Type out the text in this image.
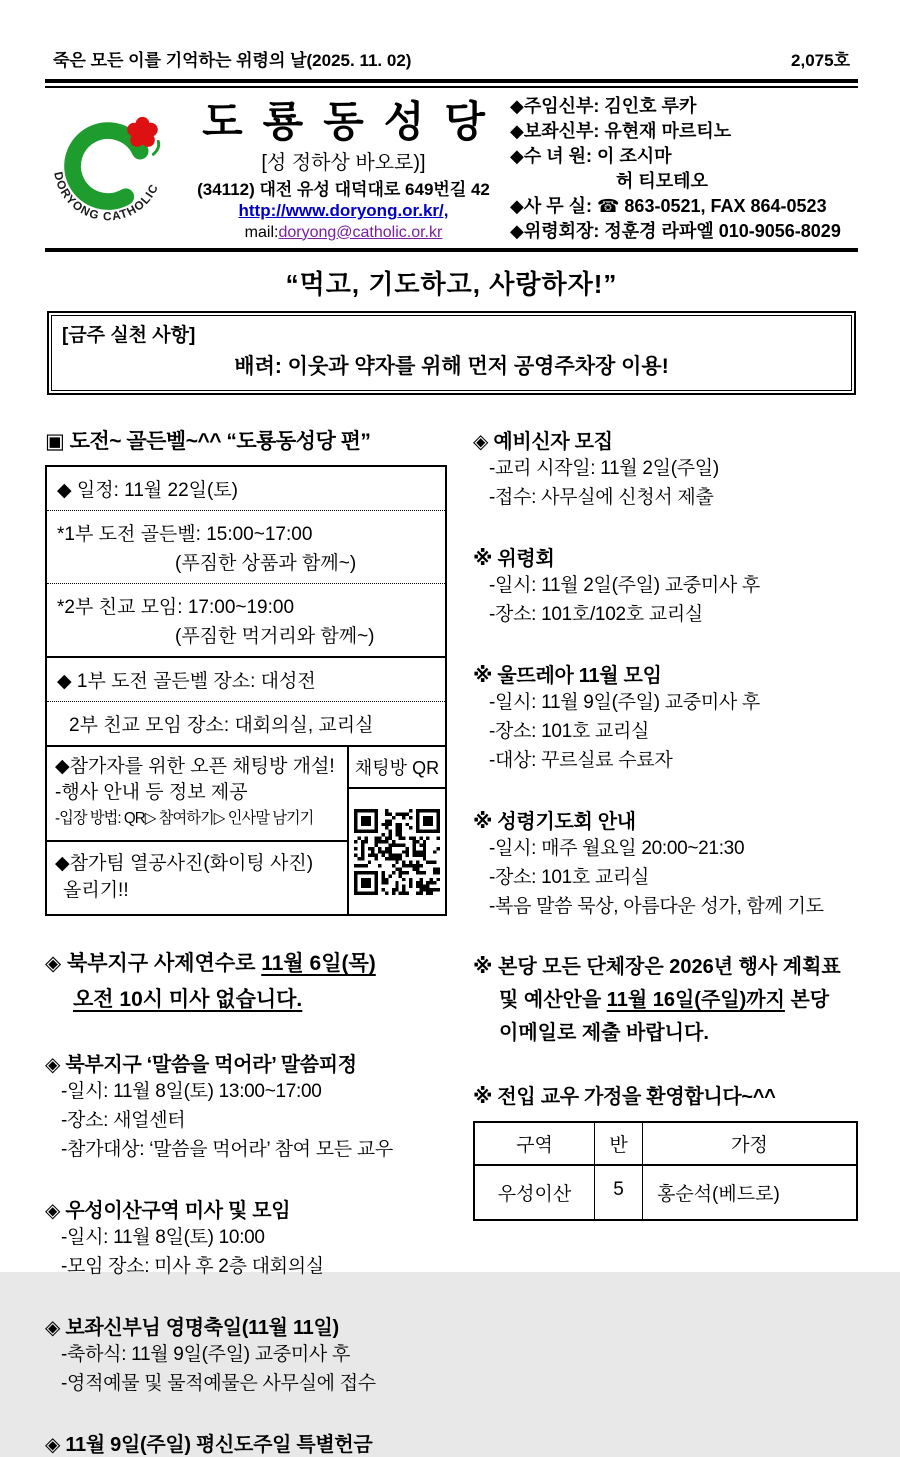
죽은 모든 이를 기억하는 위령의 날(2025. 11. 02)	2,075호
DORYONG CATHOLIC
도룡동성당
[성 정하상 바오로)]
(34112) 대전 유성 대덕대로 649번길 42
http://www.doryong.or.kr/,
mail:doryong@catholic.or.kr
◆주임신부: 김인호 루카
◆보좌신부: 유현재 마르티노
◆수 녀 원: 이 조시마
허 티모테오
◆사 무 실: ☎ 863-0521, FAX 864-0523
◆위령회장: 정훈경 라파엘 010-9056-8029
“먹고, 기도하고, 사랑하자!”
[금주 실천 사항]
배려: 이웃과 약자를 위해 먼저 공영주차장 이용!
▣ 도전~ 골든벨~^^ “도룡동성당 편”
◆ 일정: 11월 22일(토)
*1부 도전 골든벨: 15:00~17:00
(푸짐한 상품과 함께~)
*2부 친교 모임: 17:00~19:00
(푸짐한 먹거리와 함께~)
◆ 1부 도전 골든벨 장소: 대성전
2부 친교 모임 장소: 대회의실, 교리실
◆참가자를 위한 오픈 채팅방 개설!
-행사 안내 등 정보 제공
-입장 방법: QR▷ 참여하기▷ 인사말 남기기
◆참가팀 열공사진(화이팅 사진)
올리기!!
채팅방 QR
◈ 북부지구 사제연수로 11월 6일(목)
오전 10시 미사 없습니다.
◈ 북부지구 ‘말씀을 먹어라’ 말씀피정
-일시: 11월 8일(토) 13:00~17:00
-장소: 새얼센터
-참가대상: ‘말씀을 먹어라’ 참여 모든 교우
◈ 우성이산구역 미사 및 모임
-일시: 11월 8일(토) 10:00
-모임 장소: 미사 후 2층 대회의실
◈ 보좌신부님 영명축일(11월 11일)
-축하식: 11월 9일(주일) 교중미사 후
-영적예물 및 물적예물은 사무실에 접수
◈ 11월 9일(주일) 평신도주일 특별헌금
◈ 예비신자 모집
-교리 시작일: 11월 2일(주일)
-접수: 사무실에 신청서 제출
※ 위령회
-일시: 11월 2일(주일) 교중미사 후
-장소: 101호/102호 교리실
※ 울뜨레아 11월 모임
-일시: 11월 9일(주일) 교중미사 후
-장소: 101호 교리실
-대상: 꾸르실료 수료자
※ 성령기도회 안내
-일시: 매주 월요일 20:00~21:30
-장소: 101호 교리실
-복음 말씀 묵상, 아름다운 성가, 함께 기도
※ 본당 모든 단체장은 2026년 행사 계획표
및 예산안을 11월 16일(주일)까지 본당
이메일로 제출 바랍니다.
※ 전입 교우 가정을 환영합니다~^^
구역	반	가정
우성이산	5	홍순석(베드로)
